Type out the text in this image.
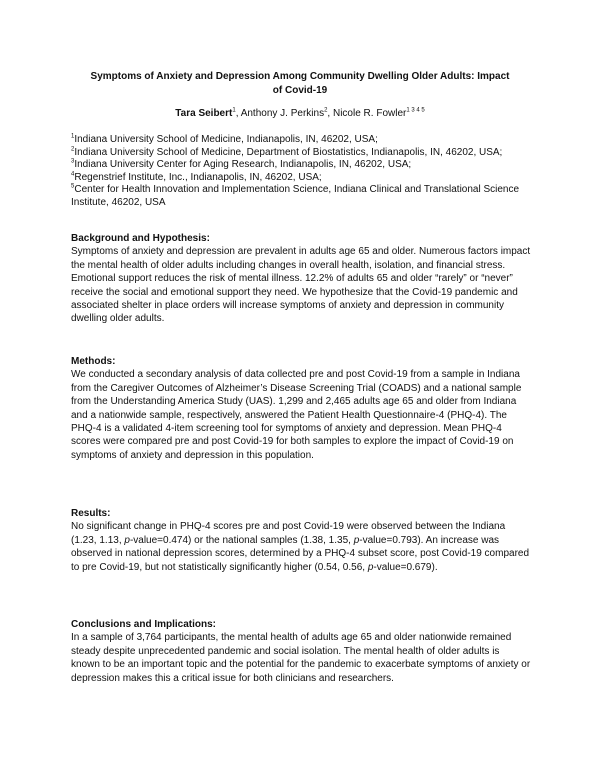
Symptoms of Anxiety and Depression Among Community Dwelling Older Adults: Impact
of Covid-19
Tara Seibert$^1$, Anthony J. Perkins$^2$, Nicole R. Fowler$^{1 3 4 5}$
$^1$Indiana University School of Medicine, Indianapolis, IN, 46202, USA;
$^2$Indiana University School of Medicine, Department of Biostatistics, Indianapolis, IN, 46202, USA;
$^3$Indiana University Center for Aging Research, Indianapolis, IN, 46202, USA;
$^4$Regenstrief Institute, Inc., Indianapolis, IN, 46202, USA;
$^5$Center for Health Innovation and Implementation Science, Indiana Clinical and Translational Science Institute, 46202, USA
Background and Hypothesis:

Symptoms of anxiety and depression are prevalent in adults age 65 and older. Numerous factors impact the mental health of older adults including changes in overall health, isolation, and financial stress. Emotional support reduces the risk of mental illness. 12.2% of adults 65 and older “rarely” or “never” receive the social and emotional support they need. We hypothesize that the Covid-19 pandemic and associated shelter in place orders will increase symptoms of anxiety and depression in community dwelling older adults.

Methods:

We conducted a secondary analysis of data collected pre and post Covid-19 from a sample in Indiana from the Caregiver Outcomes of Alzheimer’s Disease Screening Trial (COADS) and a national sample from the Understanding America Study (UAS). 1,299 and 2,465 adults age 65 and older from Indiana and a nationwide sample, respectively, answered the Patient Health Questionnaire-4 (PHQ-4). The PHQ-4 is a validated 4-item screening tool for symptoms of anxiety and depression. Mean PHQ-4 scores were compared pre and post Covid-19 for both samples to explore the impact of Covid-19 on symptoms of anxiety and depression in this population.

Results:

No significant change in PHQ-4 scores pre and post Covid-19 were observed between the Indiana (1.23, 1.13, p-value=0.474) or the national samples (1.38, 1.35, p-value=0.793). An increase was observed in national depression scores, determined by a PHQ-4 subset score, post Covid-19 compared to pre Covid-19, but not statistically significantly higher (0.54, 0.56, p-value=0.679).

Conclusions and Implications:

In a sample of 3,764 participants, the mental health of adults age 65 and older nationwide remained steady despite unprecedented pandemic and social isolation. The mental health of older adults is known to be an important topic and the potential for the pandemic to exacerbate symptoms of anxiety or depression makes this a critical issue for both clinicians and researchers.
